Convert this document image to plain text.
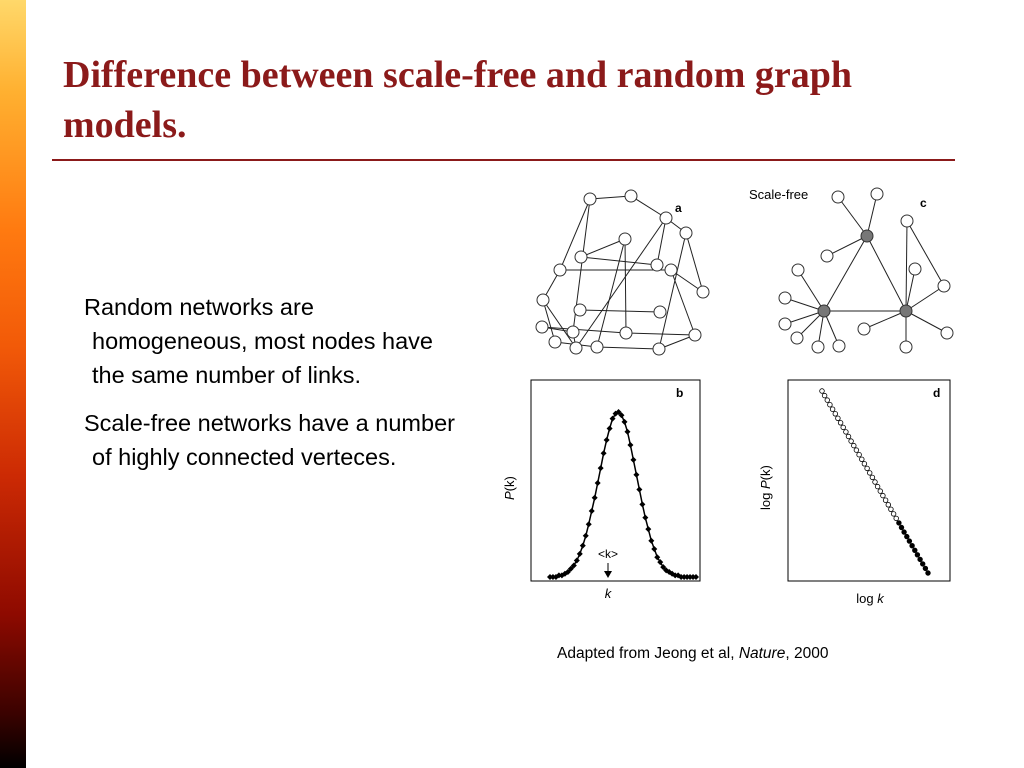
Difference between scale-free and random graph models.

Random networks are homogeneous, most nodes have the same number of links.

Scale-free networks have a number of highly connected verteces.

a
Scale-free
c
b
P(k)
k
<k>
d
log P(k)
log k
Adapted from Jeong et al, Nature, 2000
